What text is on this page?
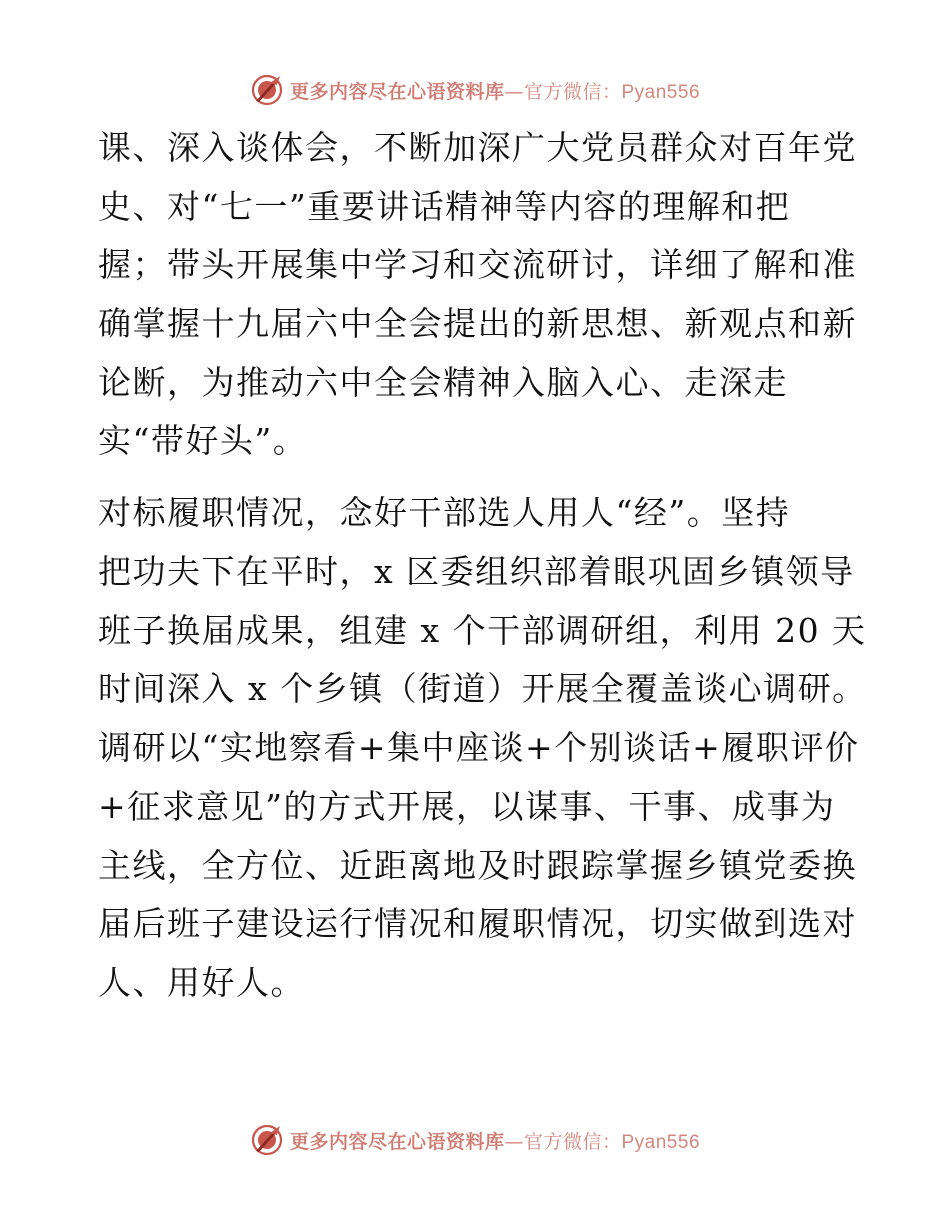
更多内容尽在心语资料库—官方微信：Pyan556
课、深入谈体会，不断加深广大党员群众对百年党
史、对“七一”重要讲话精神等内容的理解和把
握；带头开展集中学习和交流研讨，详细了解和准
确掌握十九届六中全会提出的新思想、新观点和新
论断，为推动六中全会精神入脑入心、走深走
实“带好头”。
对标履职情况，念好干部选人用人“经”。坚持
把功夫下在平时，x 区委组织部着眼巩固乡镇领导
班子换届成果，组建 x 个干部调研组，利用 20 天
时间深入 x 个乡镇（街道）开展全覆盖谈心调研。
调研以“实地察看+集中座谈+个别谈话+履职评价
+征求意见”的方式开展，以谋事、干事、成事为
主线，全方位、近距离地及时跟踪掌握乡镇党委换
届后班子建设运行情况和履职情况，切实做到选对
人、用好人。
更多内容尽在心语资料库—官方微信：Pyan556
